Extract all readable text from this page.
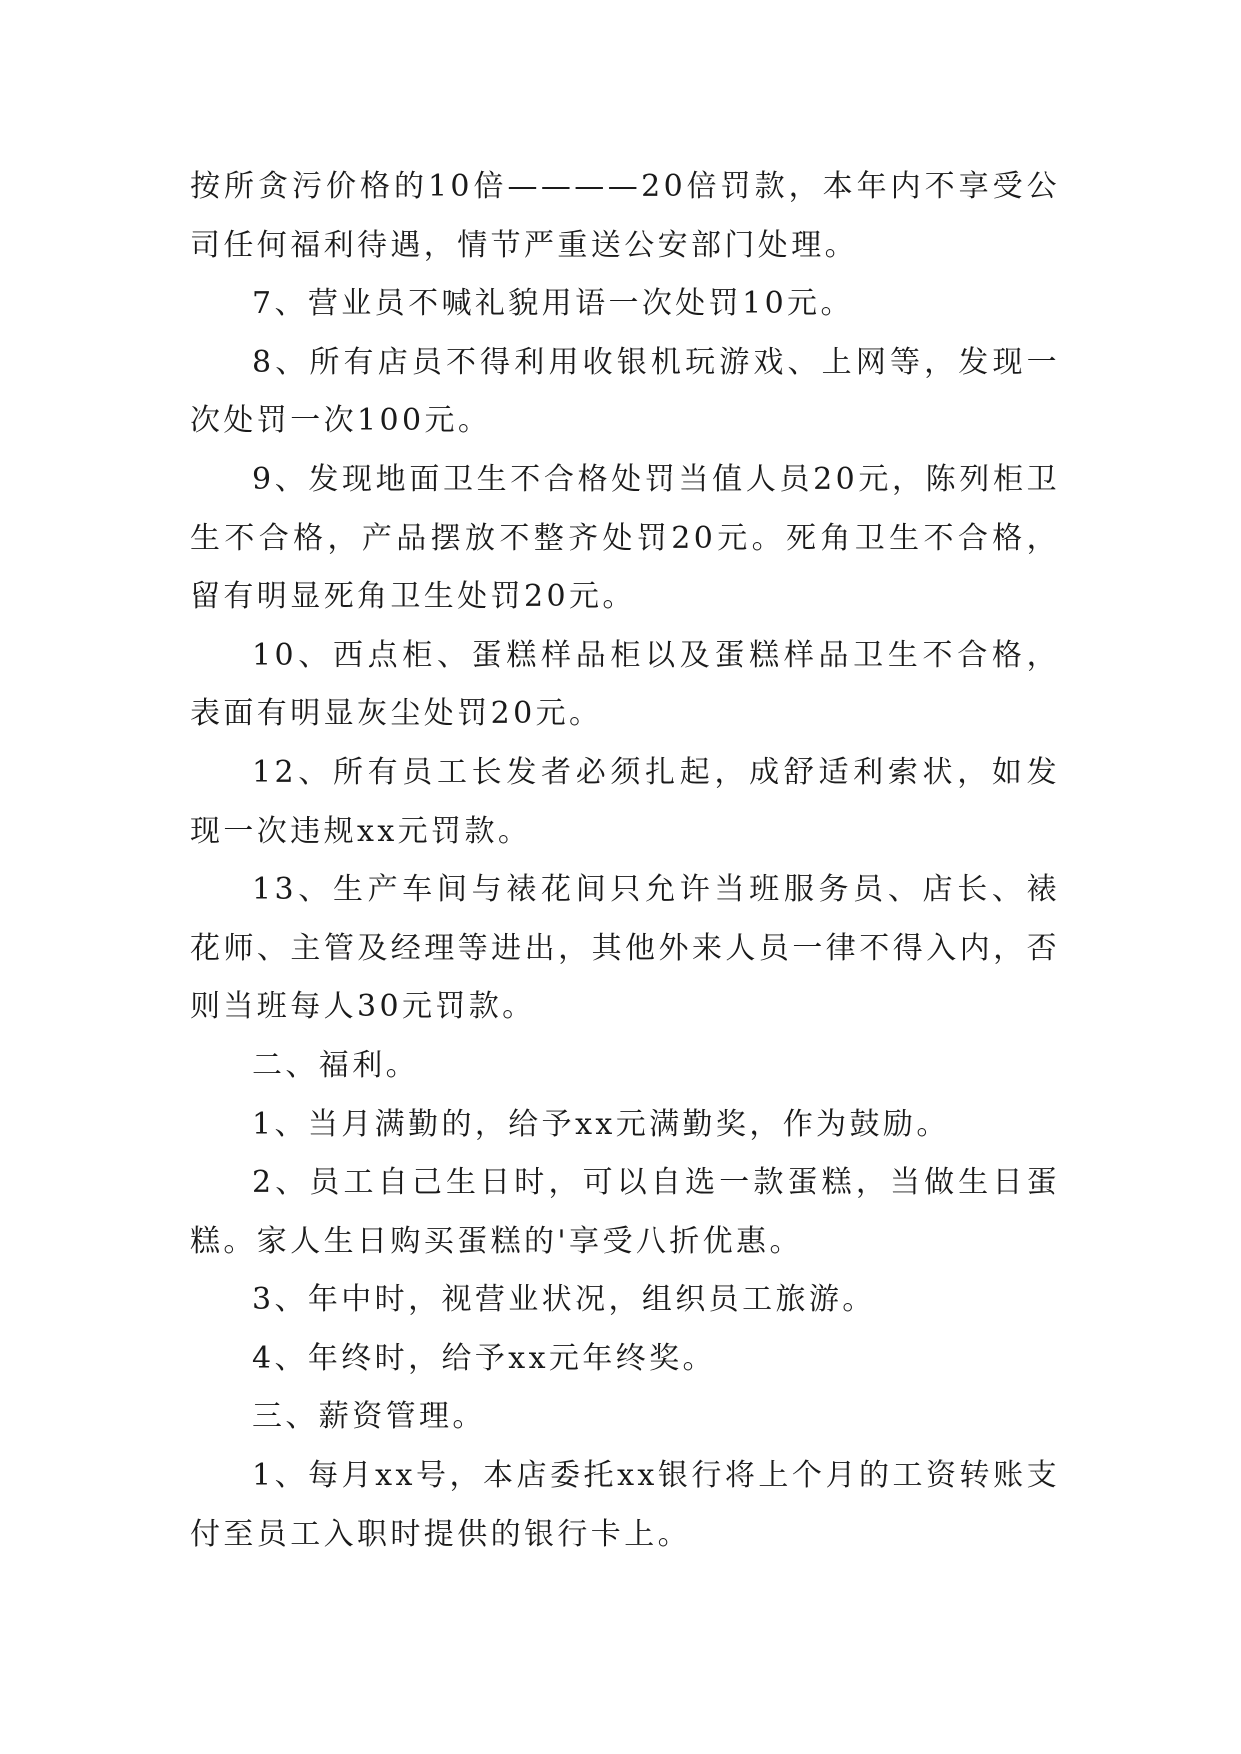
按所贪污价格的10倍————20倍罚款，本年内不享受公司任何福利待遇，情节严重送公安部门处理。

7、营业员不喊礼貌用语一次处罚10元。

8、所有店员不得利用收银机玩游戏、上网等，发现一次处罚一次100元。

9、发现地面卫生不合格处罚当值人员20元，陈列柜卫生不合格，产品摆放不整齐处罚20元。死角卫生不合格，留有明显死角卫生处罚20元。

10、西点柜、蛋糕样品柜以及蛋糕样品卫生不合格，表面有明显灰尘处罚20元。

12、所有员工长发者必须扎起，成舒适利索状，如发现一次违规xx元罚款。

13、生产车间与裱花间只允许当班服务员、店长、裱花师、主管及经理等进出，其他外来人员一律不得入内，否则当班每人30元罚款。

二、福利。

1、当月满勤的，给予xx元满勤奖，作为鼓励。

2、员工自己生日时，可以自选一款蛋糕，当做生日蛋糕。家人生日购买蛋糕的'享受八折优惠。

3、年中时，视营业状况，组织员工旅游。

4、年终时，给予xx元年终奖。

三、薪资管理。

1、每月xx号，本店委托xx银行将上个月的工资转账支付至员工入职时提供的银行卡上。
